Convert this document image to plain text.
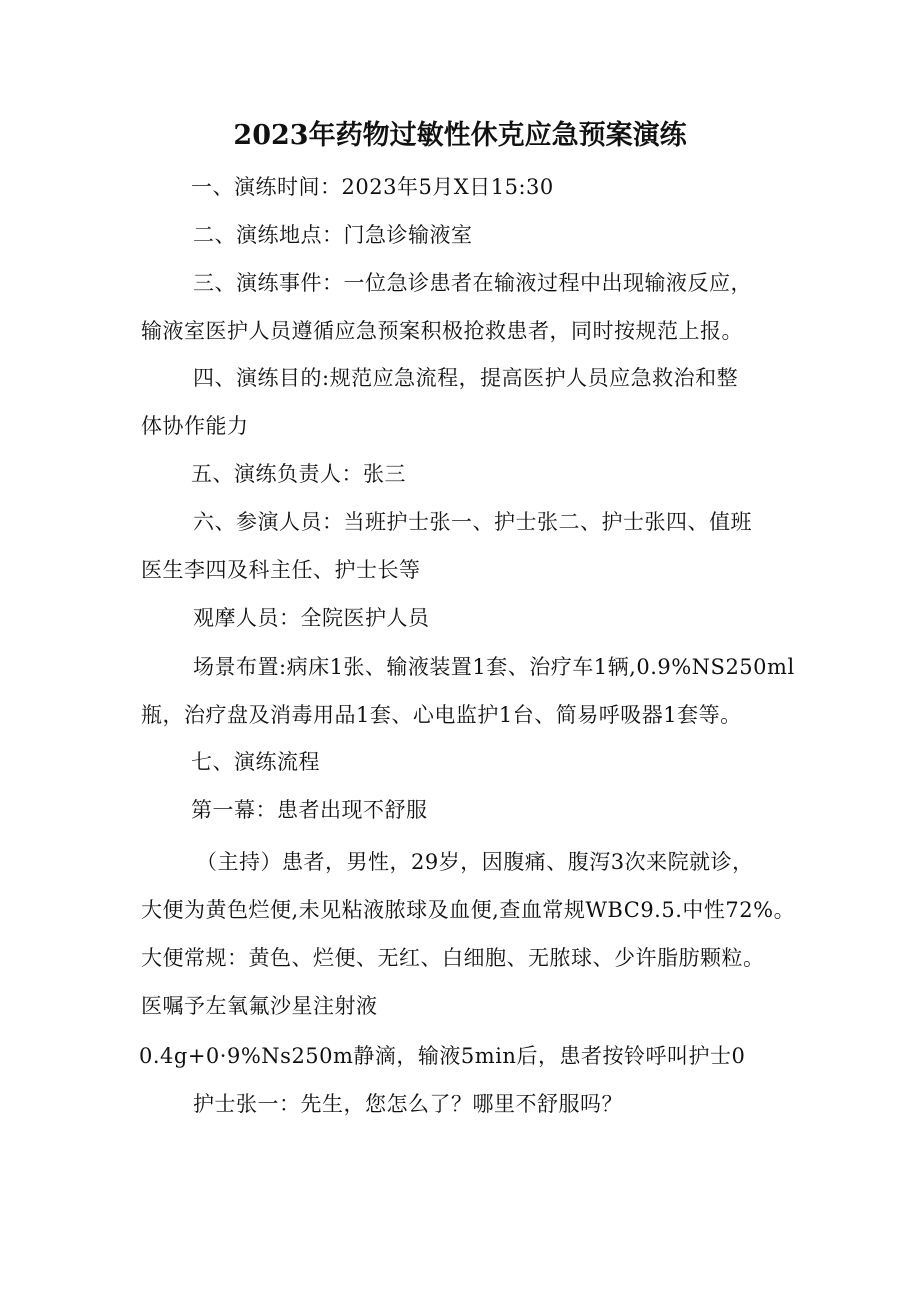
2023年药物过敏性休克应急预案演练
一、演练时间：2023年5月X日15:30
二、演练地点：门急诊输液室
三、演练事件：一位急诊患者在输液过程中出现输液反应，
输液室医护人员遵循应急预案积极抢救患者，同时按规范上报。
四、演练目的:规范应急流程，提高医护人员应急救治和整
体协作能力
五、演练负责人：张三
六、参演人员：当班护士张一、护士张二、护士张四、值班
医生李四及科主任、护士长等
观摩人员：全院医护人员
场景布置:病床1张、输液装置1套、治疗车1辆,0.9%NS250ml
瓶，治疗盘及消毒用品1套、心电监护1台、简易呼吸器1套等。
七、演练流程
第一幕：患者出现不舒服
（主持）患者，男性，29岁，因腹痛、腹泻3次来院就诊，
大便为黄色烂便,未见粘液脓球及血便,查血常规WBC9.5.中性72%。
大便常规：黄色、烂便、无红、白细胞、无脓球、少许脂肪颗粒。
医嘱予左氧氟沙星注射液
0.4g+0·9%Ns250m静滴，输液5min后，患者按铃呼叫护士0
护士张一：先生，您怎么了？哪里不舒服吗？
